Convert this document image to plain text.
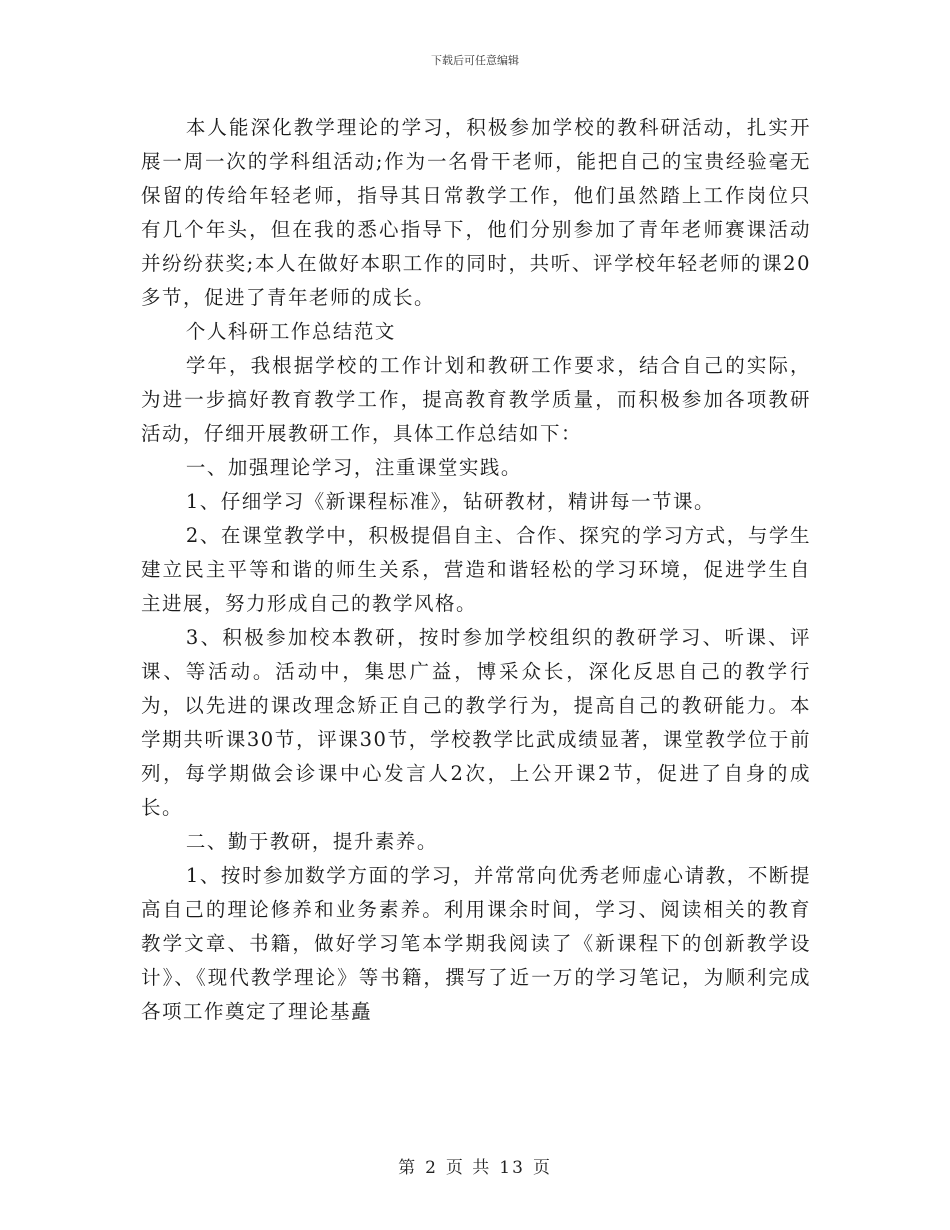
下载后可任意编辑

本人能深化教学理论的学习，积极参加学校的教科研活动，扎实开展一周一次的学科组活动;作为一名骨干老师，能把自己的宝贵经验毫无保留的传给年轻老师，指导其日常教学工作，他们虽然踏上工作岗位只有几个年头，但在我的悉心指导下，他们分别参加了青年老师赛课活动并纷纷获奖;本人在做好本职工作的同时，共听、评学校年轻老师的课20多节，促进了青年老师的成长。

个人科研工作总结范文

学年，我根据学校的工作计划和教研工作要求，结合自己的实际，为进一步搞好教育教学工作，提高教育教学质量，而积极参加各项教研活动，仔细开展教研工作，具体工作总结如下：

一、加强理论学习，注重课堂实践。

1、仔细学习《新课程标准》，钻研教材，精讲每一节课。

2、在课堂教学中，积极提倡自主、合作、探究的学习方式，与学生建立民主平等和谐的师生关系，营造和谐轻松的学习环境，促进学生自主进展，努力形成自己的教学风格。

3、积极参加校本教研，按时参加学校组织的教研学习、听课、评课、等活动。活动中，集思广益，博采众长，深化反思自己的教学行为，以先进的课改理念矫正自己的教学行为，提高自己的教研能力。本学期共听课30节，评课30节，学校教学比武成绩显著，课堂教学位于前列，每学期做会诊课中心发言人2次，上公开课2节，促进了自身的成长。

二、勤于教研，提升素养。

1、按时参加数学方面的学习，并常常向优秀老师虚心请教，不断提高自己的理论修养和业务素养。利用课余时间，学习、阅读相关的教育教学文章、书籍，做好学习笔本学期我阅读了《新课程下的创新教学设计》、《现代教学理论》等书籍，撰写了近一万的学习笔记，为顺利完成各项工作奠定了理论基矗

第 2 页 共 13 页
